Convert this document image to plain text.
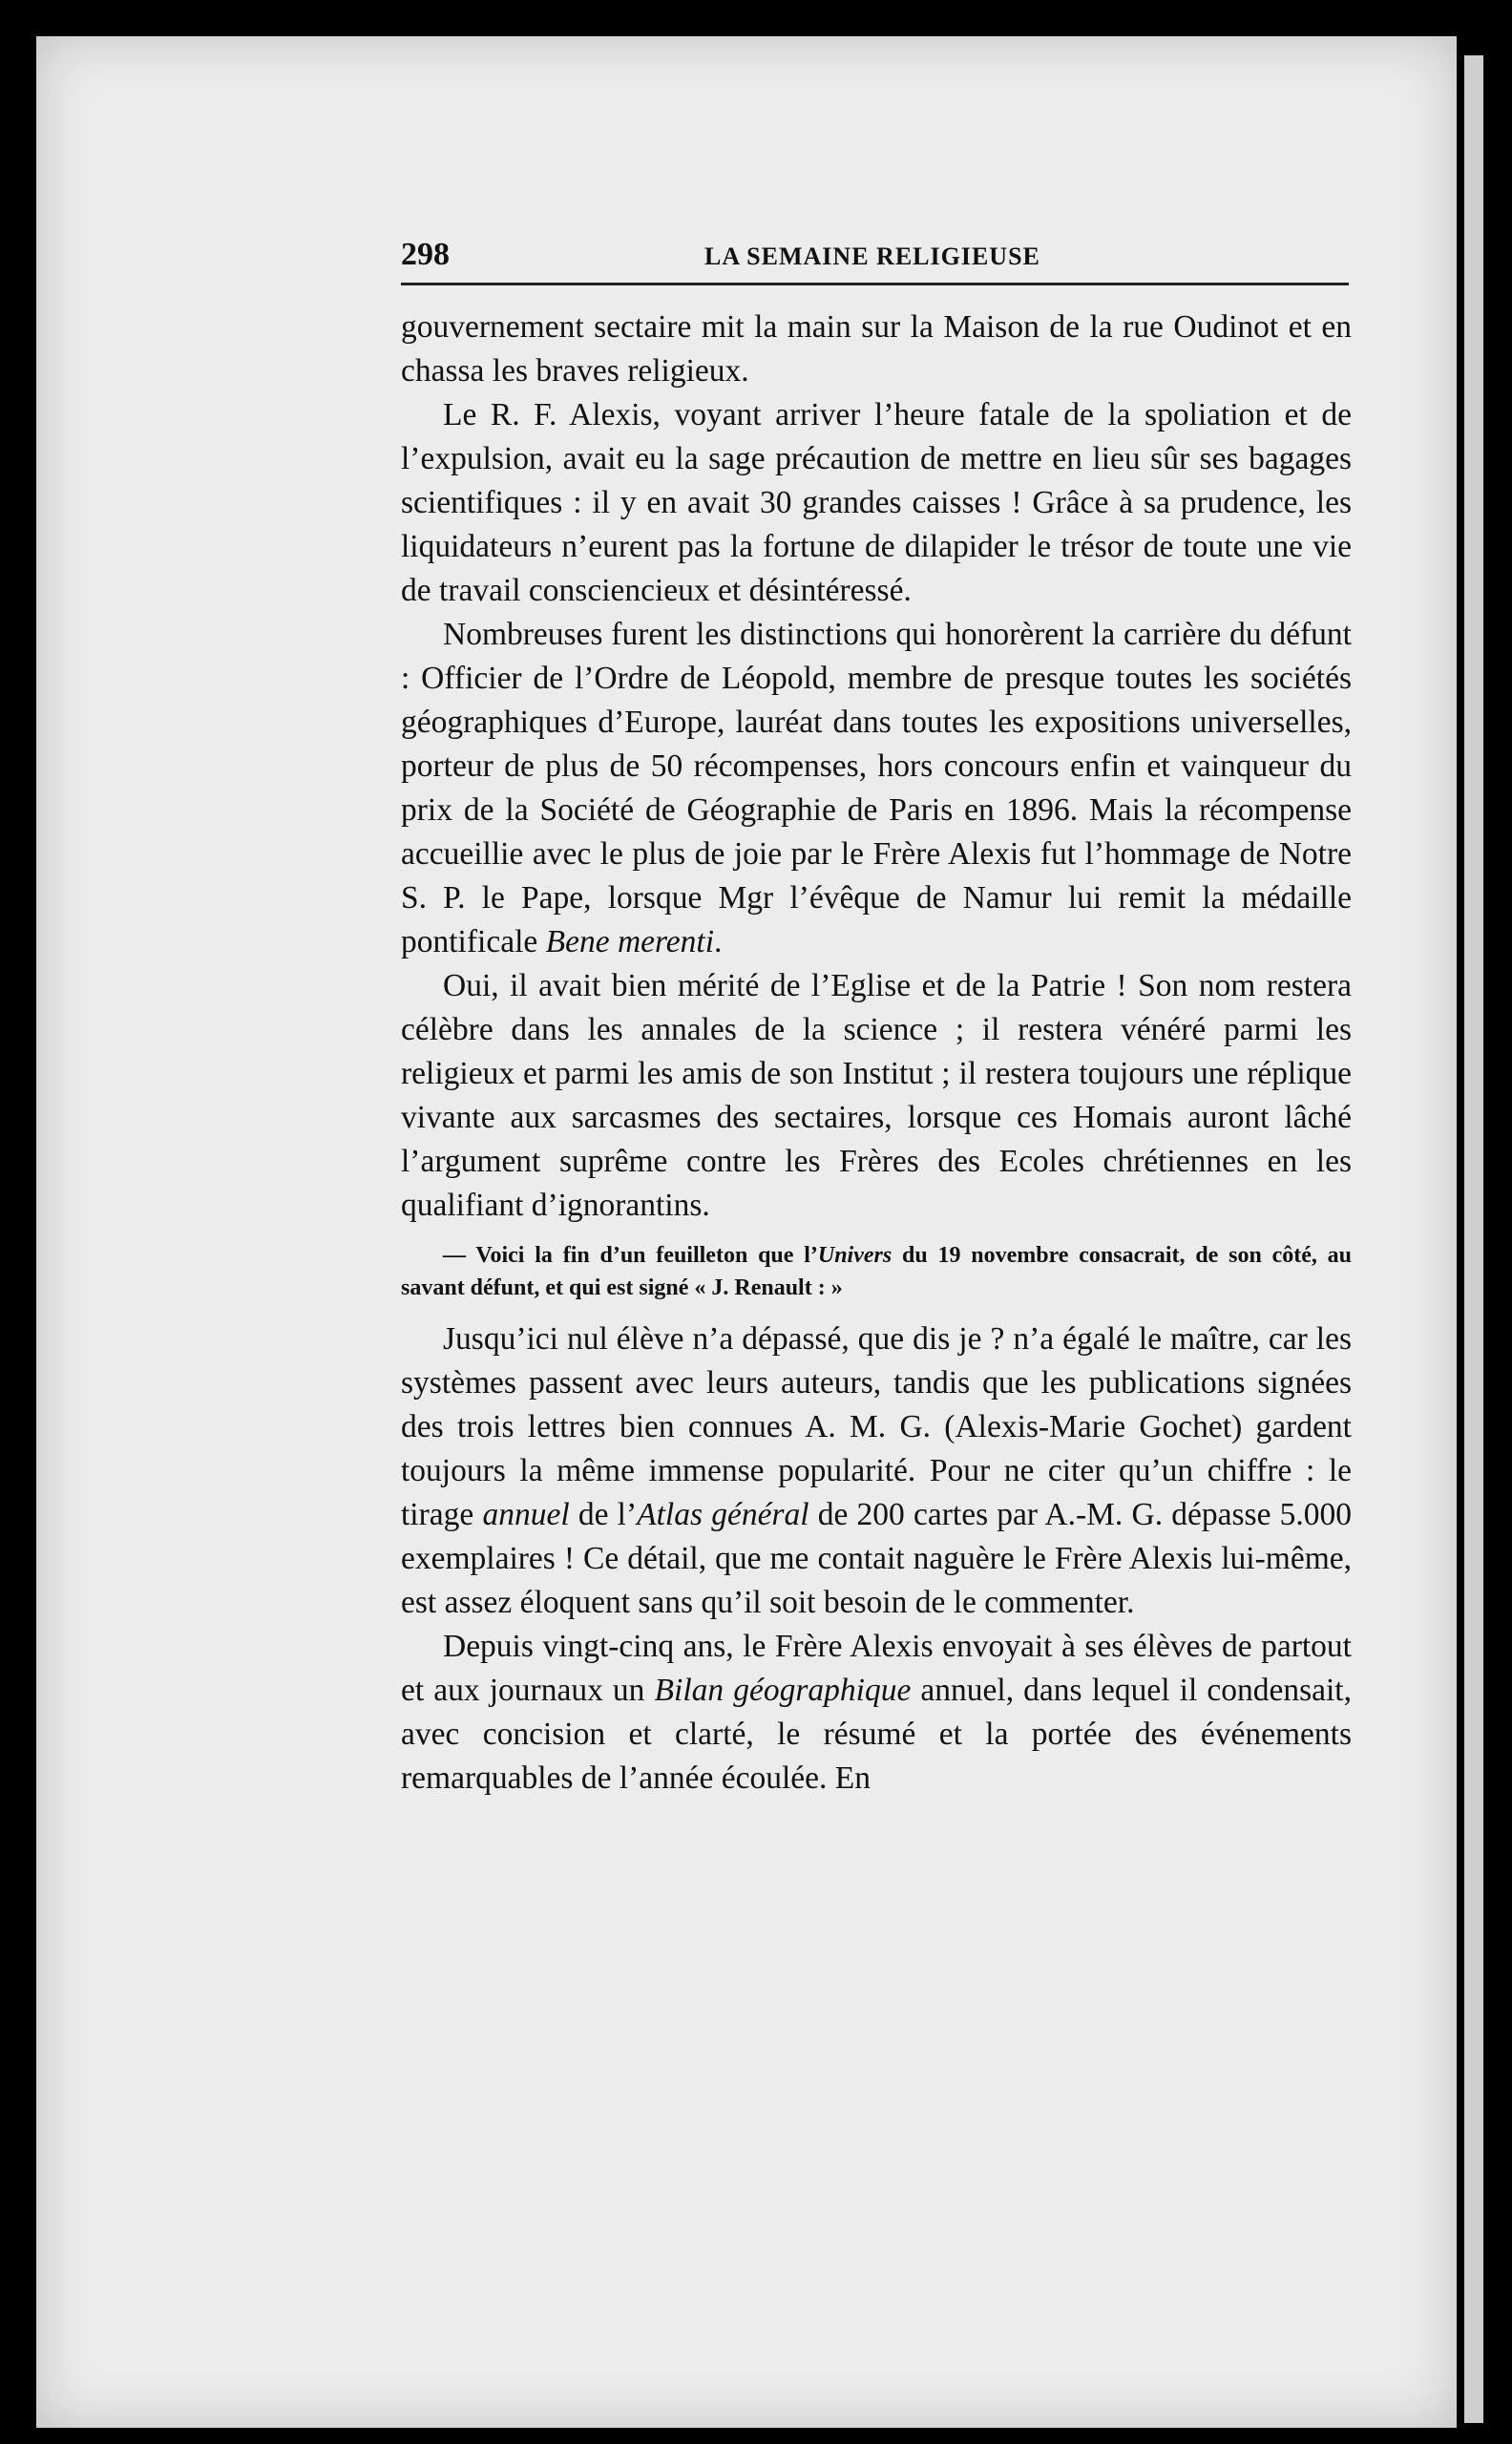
298	LA SEMAINE RELIGIEUSE

gouvernement sectaire mit la main sur la Maison de la rue Oudinot et en chassa les braves religieux.

Le R. F. Alexis, voyant arriver l’heure fatale de la spoliation et de l’expulsion, avait eu la sage précaution de mettre en lieu sûr ses bagages scientifiques : il y en avait 30 grandes caisses ! Grâce à sa prudence, les liquidateurs n’eurent pas la fortune de dilapider le trésor de toute une vie de travail consciencieux et désintéressé.

Nombreuses furent les distinctions qui honorèrent la carrière du défunt : Officier de l’Ordre de Léopold, membre de presque toutes les sociétés géographiques d’Europe, lauréat dans toutes les expositions universelles, porteur de plus de 50 récompenses, hors concours enfin et vainqueur du prix de la Société de Géographie de Paris en 1896. Mais la récompense accueillie avec le plus de joie par le Frère Alexis fut l’hommage de Notre S. P. le Pape, lorsque Mgr l’évêque de Namur lui remit la médaille pontificale Bene merenti.

Oui, il avait bien mérité de l’Eglise et de la Patrie ! Son nom restera célèbre dans les annales de la science ; il restera vénéré parmi les religieux et parmi les amis de son Institut ; il restera toujours une réplique vivante aux sarcasmes des sectaires, lorsque ces Homais auront lâché l’argument suprême contre les Frères des Ecoles chrétiennes en les qualifiant d’ignorantins.

— Voici la fin d’un feuilleton que l’Univers du 19 novembre consacrait, de son côté, au savant défunt, et qui est signé « J. Renault : »

Jusqu’ici nul élève n’a dépassé, que dis je ? n’a égalé le maître, car les systèmes passent avec leurs auteurs, tandis que les publications signées des trois lettres bien connues A. M. G. (Alexis-Marie Gochet) gardent toujours la même immense popularité. Pour ne citer qu’un chiffre : le tirage annuel de l’Atlas général de 200 cartes par A.-M. G. dépasse 5.000 exemplaires ! Ce détail, que me contait naguère le Frère Alexis lui-même, est assez éloquent sans qu’il soit besoin de le commenter.

Depuis vingt-cinq ans, le Frère Alexis envoyait à ses élèves de partout et aux journaux un Bilan géographique annuel, dans lequel il condensait, avec concision et clarté, le résumé et la portée des événements remarquables de l’année écoulée. En
